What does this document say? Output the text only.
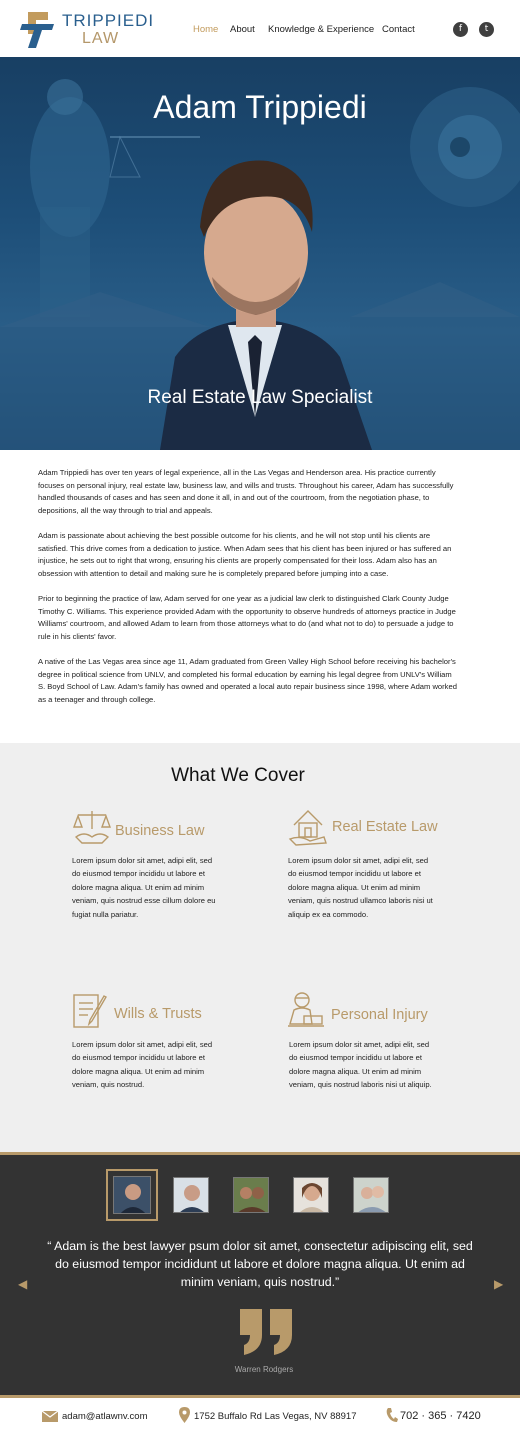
TRIPPIEDI
LAW
Home About Knowledge & Experience Contact	f	t
Adam Trippiedi
Real Estate Law Specialist

Adam Trippiedi has over ten years of legal experience, all in the Las Vegas and Henderson area. His practice currently focuses on personal injury, real estate law, business law, and wills and trusts. Throughout his career, Adam has successfully handled thousands of cases and has seen and done it all, in and out of the courtroom, from the negotiation phase, to depositions, all the way through to trial and appeals.

Adam is passionate about achieving the best possible outcome for his clients, and he will not stop until his clients are satisfied. This drive comes from a dedication to justice. When Adam sees that his client has been injured or has suffered an injustice, he sets out to right that wrong, ensuring his clients are properly compensated for their loss. Adam also has an obsession with attention to detail and making sure he is completely prepared before jumping into a case.

Prior to beginning the practice of law, Adam served for one year as a judicial law clerk to distinguished Clark County Judge Timothy C. Williams. This experience provided Adam with the opportunity to observe hundreds of attorneys practice in Judge Williams' courtroom, and allowed Adam to learn from those attorneys what to do (and what not to do) to persuade a judge to rule in his clients' favor.

A native of the Las Vegas area since age 11, Adam graduated from Green Valley High School before receiving his bachelor's degree in political science from UNLV, and completed his formal education by earning his legal degree from UNLV's William S. Boyd School of Law. Adam's family has owned and operated a local auto repair business since 1998, where Adam worked as a teenager and through college.

What We Cover
Business Law
Lorem ipsum dolor sit amet, adipi elit, sed do eiusmod tempor incididu ut labore et dolore magna aliqua. Ut enim ad minim veniam, quis nostrud esse cillum dolore eu fugiat nulla pariatur.
Real Estate Law
Lorem ipsum dolor sit amet, adipi elit, sed do eiusmod tempor incididu ut labore et dolore magna aliqua. Ut enim ad minim veniam, quis nostrud ullamco laboris nisi ut aliquip ex ea commodo.
Wills & Trusts
Lorem ipsum dolor sit amet, adipi elit, sed do eiusmod tempor incididu ut labore et dolore magna aliqua. Ut enim ad minim veniam, quis nostrud.
Personal Injury
Lorem ipsum dolor sit amet, adipi elit, sed do eiusmod tempor incididu ut labore et dolore magna aliqua. Ut enim ad minim veniam, quis nostrud laboris nisi ut aliquip.
◀	▶
“ Adam is the best lawyer psum dolor sit amet, consectetur adipiscing elit, sed do eiusmod tempor incididunt ut labore et dolore magna aliqua. Ut enim ad minim veniam, quis nostrud.”
Warren Rodgers
adam@atlawnv.com	1752 Buffalo Rd Las Vegas, NV 88917	702 · 365 · 7420
